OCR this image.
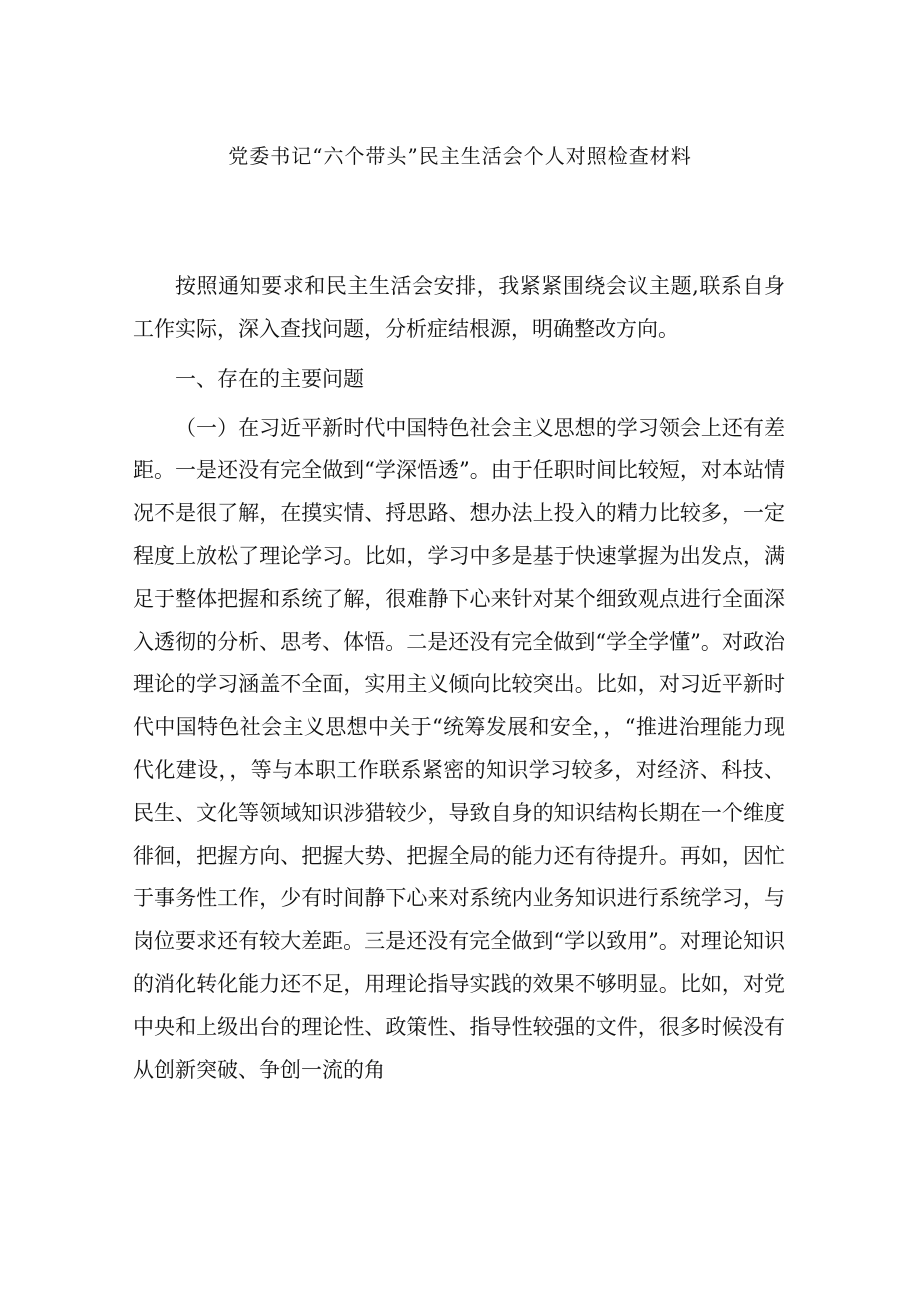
党委书记“六个带头”民主生活会个人对照检查材料

按照通知要求和民主生活会安排，我紧紧围绕会议主题,联系自身工作实际，深入查找问题，分析症结根源，明确整改方向。

一、存在的主要问题

（一）在习近平新时代中国特色社会主义思想的学习领会上还有差距。一是还没有完全做到“学深悟透”。由于任职时间比较短，对本站情况不是很了解，在摸实情、捋思路、想办法上投入的精力比较多，一定程度上放松了理论学习。比如，学习中多是基于快速掌握为出发点，满足于整体把握和系统了解，很难静下心来针对某个细致观点进行全面深入透彻的分析、思考、体悟。二是还没有完全做到“学全学懂”。对政治理论的学习涵盖不全面，实用主义倾向比较突出。比如，对习近平新时代中国特色社会主义思想中关于“统筹发展和安全，，“推进治理能力现代化建设，，等与本职工作联系紧密的知识学习较多，对经济、科技、民生、文化等领域知识涉猎较少，导致自身的知识结构长期在一个维度徘徊，把握方向、把握大势、把握全局的能力还有待提升。再如，因忙于事务性工作，少有时间静下心来对系统内业务知识进行系统学习，与岗位要求还有较大差距。三是还没有完全做到“学以致用”。对理论知识的消化转化能力还不足，用理论指导实践的效果不够明显。比如，对党中央和上级出台的理论性、政策性、指导性较强的文件，很多时候没有从创新突破、争创一流的角
